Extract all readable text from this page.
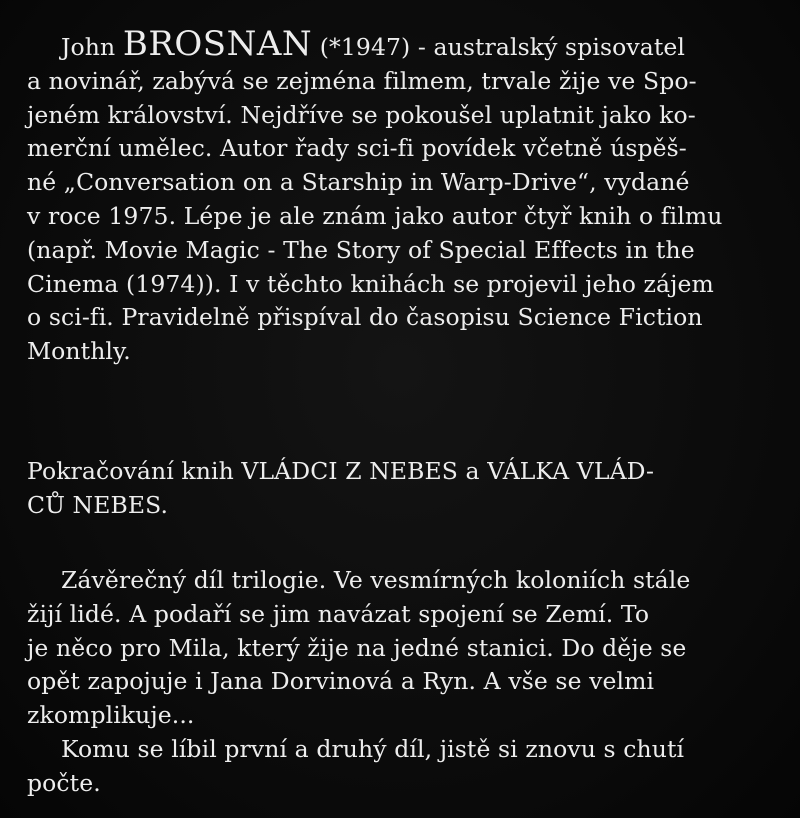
John BROSNAN (*1947) - australský spisovatel
a novinář, zabývá se zejména filmem, trvale žije ve Spo-
jeném království. Nejdříve se pokoušel uplatnit jako ko-
merční umělec. Autor řady sci-fi povídek včetně úspěš-
né „Conversation on a Starship in Warp-Drive“, vydané
v roce 1975. Lépe je ale znám jako autor čtyř knih o filmu
(např. Movie Magic - The Story of Special Effects in the
Cinema (1974)). I v těchto knihách se projevil jeho zájem
o sci-fi. Pravidelně přispíval do časopisu Science Fiction
Monthly.

Pokračování knih VLÁDCI Z NEBES a VÁLKA VLÁD-
CŮ NEBES.

Závěrečný díl trilogie. Ve vesmírných koloniích stále
žijí lidé. A podaří se jim navázat spojení se Zemí. To
je něco pro Mila, který žije na jedné stanici. Do děje se
opět zapojuje i Jana Dorvinová a Ryn. A vše se velmi
zkomplikuje...

Komu se líbil první a druhý díl, jistě si znovu s chutí
počte.
